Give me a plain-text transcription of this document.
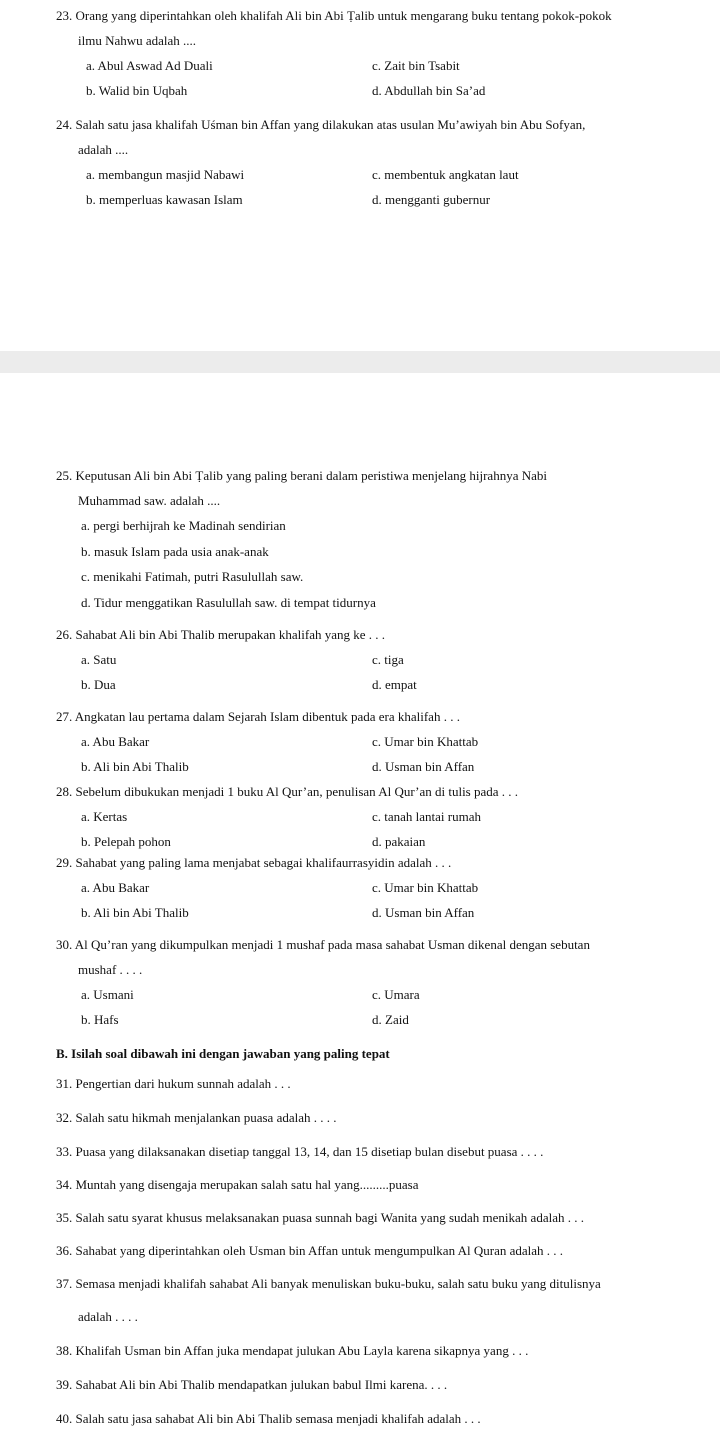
23. Orang yang diperintahkan oleh khalifah Ali bin Abi Ṭalib untuk mengarang buku tentang pokok-pokok
ilmu Nahwu adalah ....
a. Abul Aswad Ad Duali	c. Zait bin Tsabit
b. Walid bin Uqbah	d. Abdullah bin Sa’ad
24. Salah satu jasa khalifah Uśman bin Affan yang dilakukan atas usulan Mu’awiyah bin Abu Sofyan,
adalah ....
a. membangun masjid Nabawi	c. membentuk angkatan laut
b. memperluas kawasan Islam	d. mengganti gubernur
25. Keputusan Ali bin Abi Ṭalib yang paling berani dalam peristiwa menjelang hijrahnya Nabi
Muhammad saw. adalah ....
a. pergi berhijrah ke Madinah sendirian
b. masuk Islam pada usia anak-anak
c. menikahi Fatimah, putri Rasulullah saw.
d. Tidur menggatikan Rasulullah saw. di tempat tidurnya
26. Sahabat Ali bin Abi Thalib merupakan khalifah yang ke . . .
a. Satu	c. tiga
b. Dua	d. empat
27. Angkatan lau pertama dalam Sejarah Islam dibentuk pada era khalifah . . .
a. Abu Bakar	c. Umar bin Khattab
b. Ali bin Abi Thalib	d. Usman bin Affan
28. Sebelum dibukukan menjadi 1 buku Al Qur’an, penulisan Al Qur’an di tulis pada . . .
a. Kertas	c. tanah lantai rumah
b. Pelepah pohon	d. pakaian
29. Sahabat yang paling lama menjabat sebagai khalifaurrasyidin adalah . . .
a. Abu Bakar	c. Umar bin Khattab
b. Ali bin Abi Thalib	d. Usman bin Affan
30. Al Qu’ran yang dikumpulkan menjadi 1 mushaf pada masa sahabat Usman dikenal dengan sebutan
mushaf . . . .
a. Usmani	c. Umara
b. Hafs	d. Zaid
B. Isilah soal dibawah ini dengan jawaban yang paling tepat
31. Pengertian dari hukum sunnah adalah . . .
32. Salah satu hikmah menjalankan puasa adalah . . . .
33. Puasa yang dilaksanakan disetiap tanggal 13, 14, dan 15 disetiap bulan disebut puasa . . . .
34. Muntah yang disengaja merupakan salah satu hal yang.........puasa
35. Salah satu syarat khusus melaksanakan puasa sunnah bagi Wanita yang sudah menikah adalah . . .
36. Sahabat yang diperintahkan oleh Usman bin Affan untuk mengumpulkan Al Quran adalah . . .
37. Semasa menjadi khalifah sahabat Ali banyak menuliskan buku-buku, salah satu buku yang ditulisnya
adalah . . . .
38. Khalifah Usman bin Affan juka mendapat julukan Abu Layla karena sikapnya yang . . .
39. Sahabat Ali bin Abi Thalib mendapatkan julukan babul Ilmi karena. . . .
40. Salah satu jasa sahabat Ali bin Abi Thalib semasa menjadi khalifah adalah . . .
